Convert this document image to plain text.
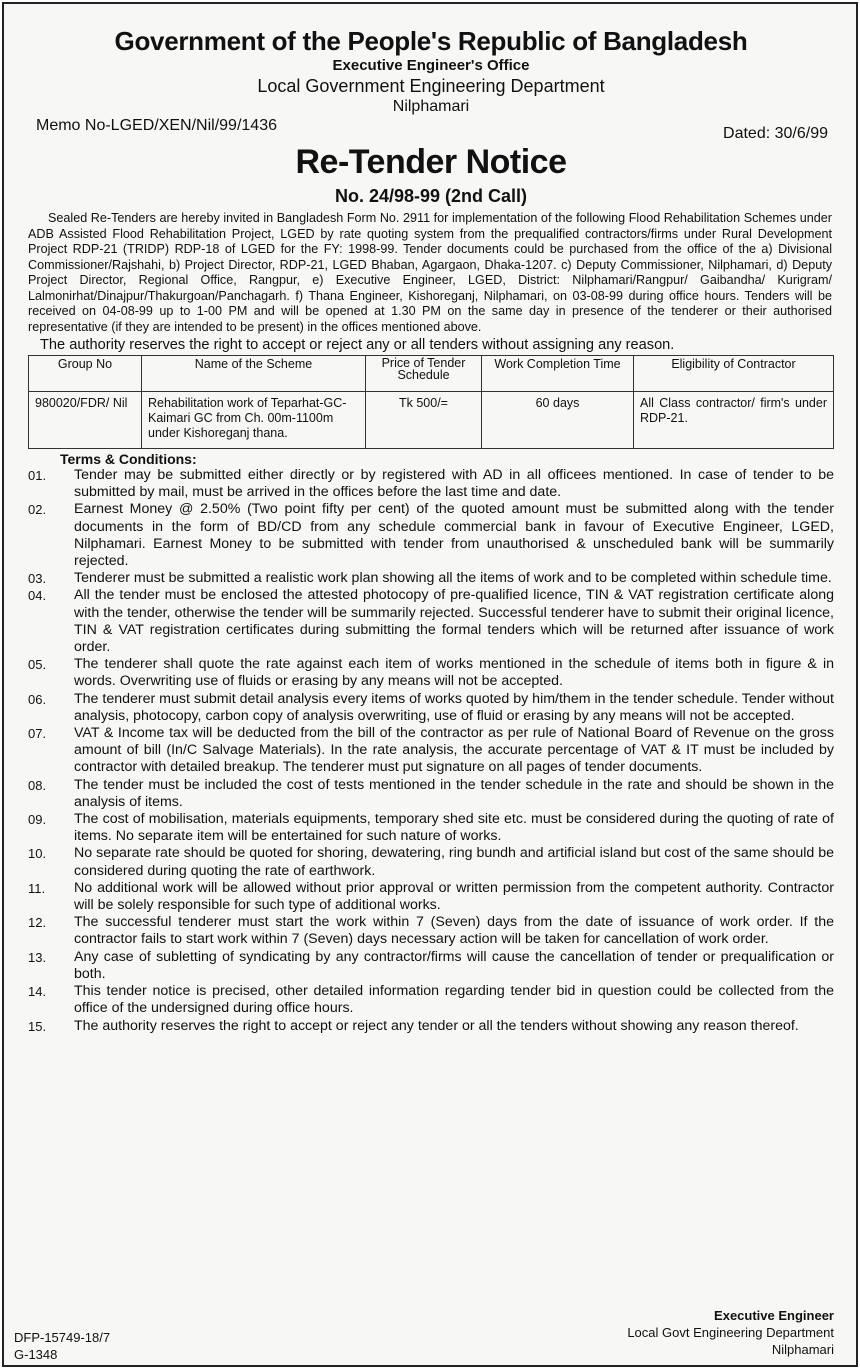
Government of the People's Republic of Bangladesh
Executive Engineer's Office
Local Government Engineering Department
Nilphamari
Memo No-LGED/XEN/Nil/99/1436	Dated: 30/6/99
Re-Tender Notice
No. 24/98-99 (2nd Call)
Sealed Re-Tenders are hereby invited in Bangladesh Form No. 2911 for implementation of the following Flood Rehabilitation Schemes under ADB Assisted Flood Rehabilitation Project, LGED by rate quoting system from the prequalified contractors/firms under Rural Development Project RDP-21 (TRIDP) RDP-18 of LGED for the FY: 1998-99. Tender documents could be purchased from the office of the a) Divisional Commissioner/Rajshahi, b) Project Director, RDP-21, LGED Bhaban, Agargaon, Dhaka-1207. c) Deputy Commissioner, Nilphamari, d) Deputy Project Director, Regional Office, Rangpur, e) Executive Engineer, LGED, District: Nilphamari/Rangpur/ Gaibandha/ Kurigram/ Lalmonirhat/Dinajpur/Thakurgoan/Panchagarh. f) Thana Engineer, Kishoreganj, Nilphamari, on 03-08-99 during office hours. Tenders will be received on 04-08-99 up to 1-00 PM and will be opened at 1.30 PM on the same day in presence of the tenderer or their authorised representative (if they are intended to be present) in the offices mentioned above.
The authority reserves the right to accept or reject any or all tenders without assigning any reason.
Group No	Name of the Scheme	Price of Tender Schedule	Work Completion Time	Eligibility of Contractor
980020/FDR/ Nil	Rehabilitation work of Teparhat-GC- Kaimari GC from Ch. 00m-1100m under Kishoreganj thana.	Tk 500/=	60 days	All Class contractor/ firm's under RDP-21.
Terms & Conditions:
01.	Tender may be submitted either directly or by registered with AD in all officees mentioned. In case of tender to be submitted by mail, must be arrived in the offices before the last time and date.
02.	Earnest Money @ 2.50% (Two point fifty per cent) of the quoted amount must be submitted along with the tender documents in the form of BD/CD from any schedule commercial bank in favour of Executive Engineer, LGED, Nilphamari. Earnest Money to be submitted with tender from unauthorised & unscheduled bank will be summarily rejected.
03.	Tenderer must be submitted a realistic work plan showing all the items of work and to be completed within schedule time.
04.	All the tender must be enclosed the attested photocopy of pre-qualified licence, TIN & VAT registration certificate along with the tender, otherwise the tender will be summarily rejected. Successful tenderer have to submit their original licence, TIN & VAT registration certificates during submitting the formal tenders which will be returned after issuance of work order.
05.	The tenderer shall quote the rate against each item of works mentioned in the schedule of items both in figure & in words. Overwriting use of fluids or erasing by any means will not be accepted.
06.	The tenderer must submit detail analysis every items of works quoted by him/them in the tender schedule. Tender without analysis, photocopy, carbon copy of analysis overwriting, use of fluid or erasing by any means will not be accepted.
07.	VAT & Income tax will be deducted from the bill of the contractor as per rule of National Board of Revenue on the gross amount of bill (In/C Salvage Materials). In the rate analysis, the accurate percentage of VAT & IT must be included by contractor with detailed breakup. The tenderer must put signature on all pages of tender documents.
08.	The tender must be included the cost of tests mentioned in the tender schedule in the rate and should be shown in the analysis of items.
09.	The cost of mobilisation, materials equipments, temporary shed site etc. must be considered during the quoting of rate of items. No separate item will be entertained for such nature of works.
10.	No separate rate should be quoted for shoring, dewatering, ring bundh and artificial island but cost of the same should be considered during quoting the rate of earthwork.
11.	No additional work will be allowed without prior approval or written permission from the competent authority. Contractor will be solely responsible for such type of additional works.
12.	The successful tenderer must start the work within 7 (Seven) days from the date of issuance of work order. If the contractor fails to start work within 7 (Seven) days necessary action will be taken for cancellation of work order.
13.	Any case of subletting of syndicating by any contractor/firms will cause the cancellation of tender or prequalification or both.
14.	This tender notice is precised, other detailed information regarding tender bid in question could be collected from the office of the undersigned during office hours.
15.	The authority reserves the right to accept or reject any tender or all the tenders without showing any reason thereof.
DFP-15749-18/7
G-1348
Executive Engineer
Local Govt Engineering Department
Nilphamari
